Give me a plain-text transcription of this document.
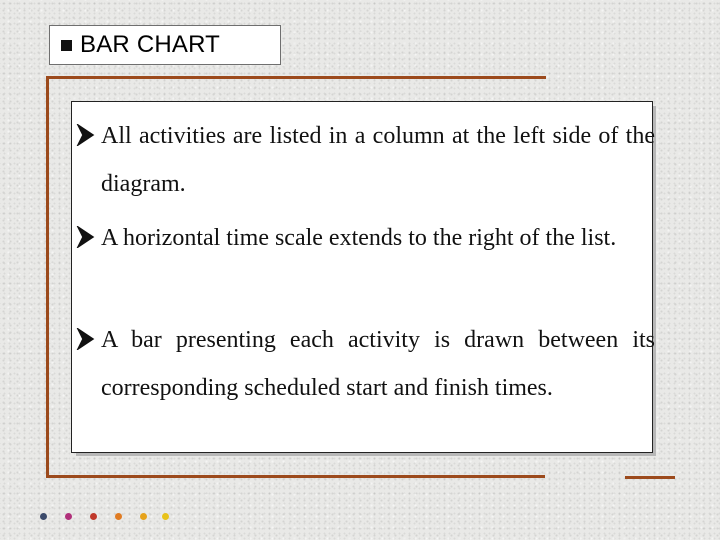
BAR CHART
All activities are listed in a column at the left side of the diagram.
A horizontal time scale extends to the right of the list.
A bar presenting each activity is drawn between its corresponding scheduled start and finish times.
